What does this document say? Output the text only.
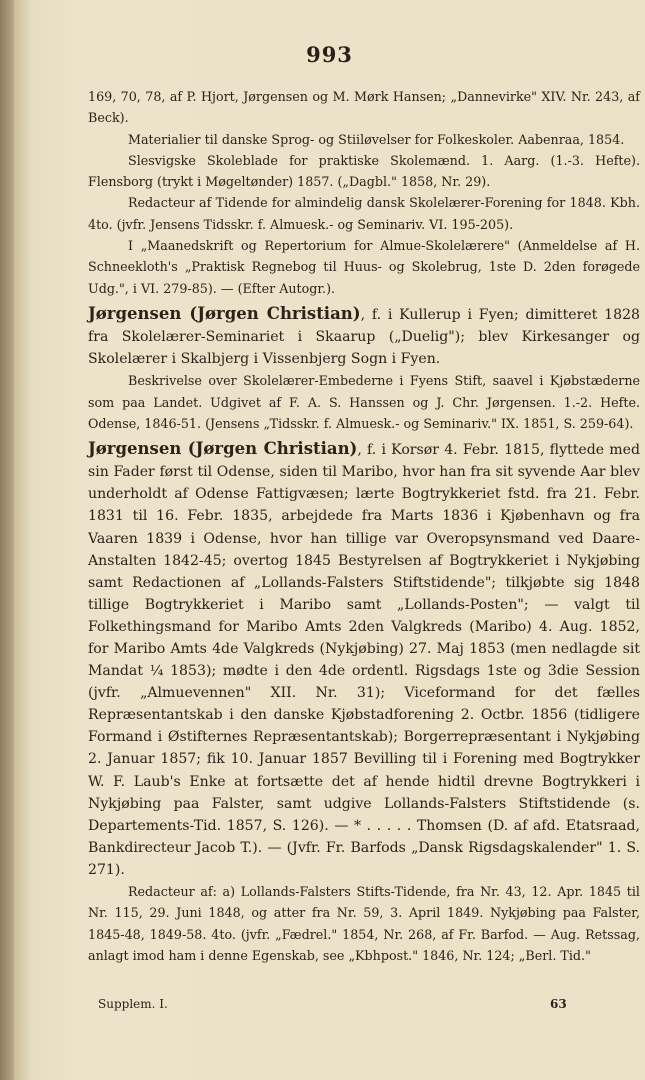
993

169, 70, 78, af P. Hjort, Jørgensen og M. Mørk Hansen; „Dannevirke" XIV. Nr. 243, af Beck).

Materialier til danske Sprog- og Stiiløvelser for Folkeskoler. Aabenraa, 1854.

Slesvigske Skoleblade for praktiske Skolemænd. 1. Aarg. (1.-3. Hefte). Flensborg (trykt i Møgeltønder) 1857. („Dagbl." 1858, Nr. 29).

Redacteur af Tidende for almindelig dansk Skolelærer-Forening for 1848. Kbh. 4to. (jvfr. Jensens Tidsskr. f. Almuesk.- og Seminariv. VI. 195-205).

I „Maanedskrift og Repertorium for Almue-Skolelærere" (Anmeldelse af H. Schneekloth's „Praktisk Regnebog til Huus- og Skolebrug, 1ste D. 2den forøgede Udg.", i VI. 279-85). — (Efter Autogr.).

Jørgensen (Jørgen Christian), f. i Kullerup i Fyen; dimitteret 1828 fra Skolelærer-Seminariet i Skaarup („Duelig"); blev Kirkesanger og Skolelærer i Skalbjerg i Vissenbjerg Sogn i Fyen.

Beskrivelse over Skolelærer-Embederne i Fyens Stift, saavel i Kjøbstæderne som paa Landet. Udgivet af F. A. S. Hanssen og J. Chr. Jørgensen. 1.-2. Hefte. Odense, 1846-51. (Jensens „Tidsskr. f. Almuesk.- og Seminariv." IX. 1851, S. 259-64).

Jørgensen (Jørgen Christian), f. i Korsør 4. Febr. 1815, flyttede med sin Fader først til Odense, siden til Maribo, hvor han fra sit syvende Aar blev underholdt af Odense Fattigvæsen; lærte Bogtrykkeriet fstd. fra 21. Febr. 1831 til 16. Febr. 1835, arbejdede fra Marts 1836 i Kjøbenhavn og fra Vaaren 1839 i Odense, hvor han tillige var Overopsynsmand ved Daare-Anstalten 1842-45; overtog 1845 Bestyrelsen af Bogtrykkeriet i Nykjøbing samt Redactionen af „Lollands-Falsters Stiftstidende"; tilkjøbte sig 1848 tillige Bogtrykkeriet i Maribo samt „Lollands-Posten"; — valgt til Folkethingsmand for Maribo Amts 2den Valgkreds (Maribo) 4. Aug. 1852, for Maribo Amts 4de Valgkreds (Nykjøbing) 27. Maj 1853 (men nedlagde sit Mandat ¼ 1853); mødte i den 4de ordentl. Rigsdags 1ste og 3die Session (jvfr. „Almuevennen" XII. Nr. 31); Viceformand for det fælles Repræsentantskab i den danske Kjøbstadforening 2. Octbr. 1856 (tidligere Formand i Østifternes Repræsentantskab); Borgerrepræsentant i Nykjøbing 2. Januar 1857; fik 10. Januar 1857 Bevilling til i Forening med Bogtrykker W. F. Laub's Enke at fortsætte det af hende hidtil drevne Bogtrykkeri i Nykjøbing paa Falster, samt udgive Lollands-Falsters Stiftstidende (s. Departements-Tid. 1857, S. 126). — * . . . . . Thomsen (D. af afd. Etatsraad, Bankdirecteur Jacob T.). — (Jvfr. Fr. Barfods „Dansk Rigsdagskalender" 1. S. 271).

Redacteur af: a) Lollands-Falsters Stifts-Tidende, fra Nr. 43, 12. Apr. 1845 til Nr. 115, 29. Juni 1848, og atter fra Nr. 59, 3. April 1849. Nykjøbing paa Falster, 1845-48, 1849-58. 4to. (jvfr. „Fædrel." 1854, Nr. 268, af Fr. Barfod. — Aug. Retssag, anlagt imod ham i denne Egenskab, see „Kbhpost." 1846, Nr. 124; „Berl. Tid."

Supplem. I.	63
